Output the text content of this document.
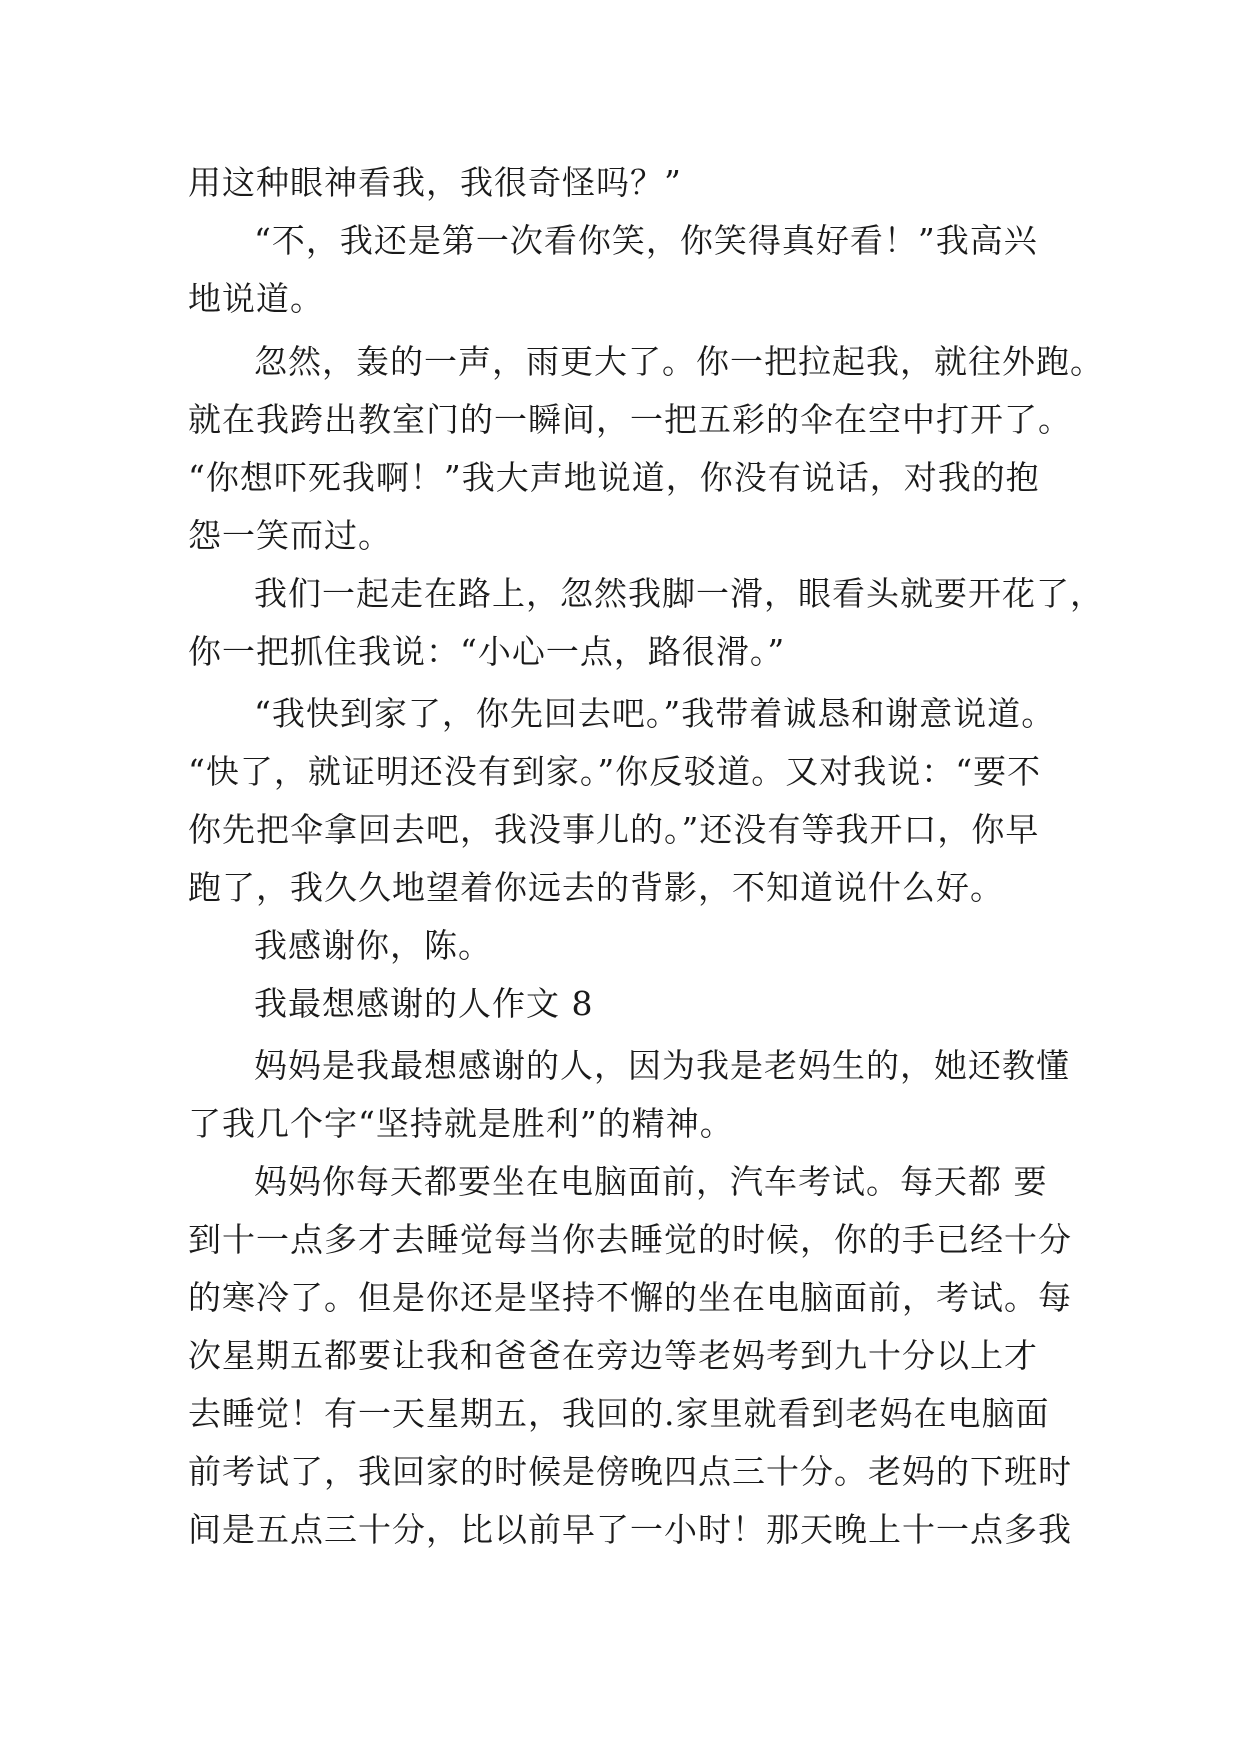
用这种眼神看我，我很奇怪吗？”
“不，我还是第一次看你笑，你笑得真好看！”我高兴
地说道。
忽然，轰的一声，雨更大了。你一把拉起我，就往外跑。
就在我跨出教室门的一瞬间，一把五彩的伞在空中打开了。
“你想吓死我啊！”我大声地说道，你没有说话，对我的抱
怨一笑而过。
我们一起走在路上，忽然我脚一滑，眼看头就要开花了，
你一把抓住我说：“小心一点，路很滑。”
“我快到家了，你先回去吧。”我带着诚恳和谢意说道。
“快了，就证明还没有到家。”你反驳道。又对我说：“要不
你先把伞拿回去吧，我没事儿的。”还没有等我开口，你早
跑了，我久久地望着你远去的背影，不知道说什么好。
我感谢你，陈。
我最想感谢的人作文 8
妈妈是我最想感谢的人，因为我是老妈生的，她还教懂
了我几个字“坚持就是胜利”的精神。
妈妈你每天都要坐在电脑面前，汽车考试。每天都 要
到十一点多才去睡觉每当你去睡觉的时候，你的手已经十分
的寒冷了。但是你还是坚持不懈的坐在电脑面前，考试。每
次星期五都要让我和爸爸在旁边等老妈考到九十分以上才
去睡觉！有一天星期五，我回的.家里就看到老妈在电脑面
前考试了，我回家的时候是傍晚四点三十分。老妈的下班时
间是五点三十分，比以前早了一小时！那天晚上十一点多我
